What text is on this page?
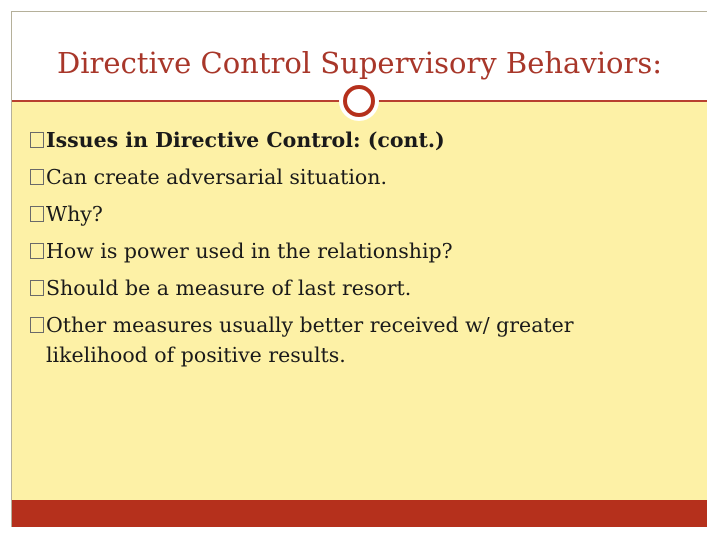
Directive Control Supervisory Behaviors:
Issues in Directive Control: (cont.)
Can create adversarial situation.
Why?
How is power used in the relationship?
Should be a measure of last resort.
Other measures usually better received w/ greater likelihood of positive results.
